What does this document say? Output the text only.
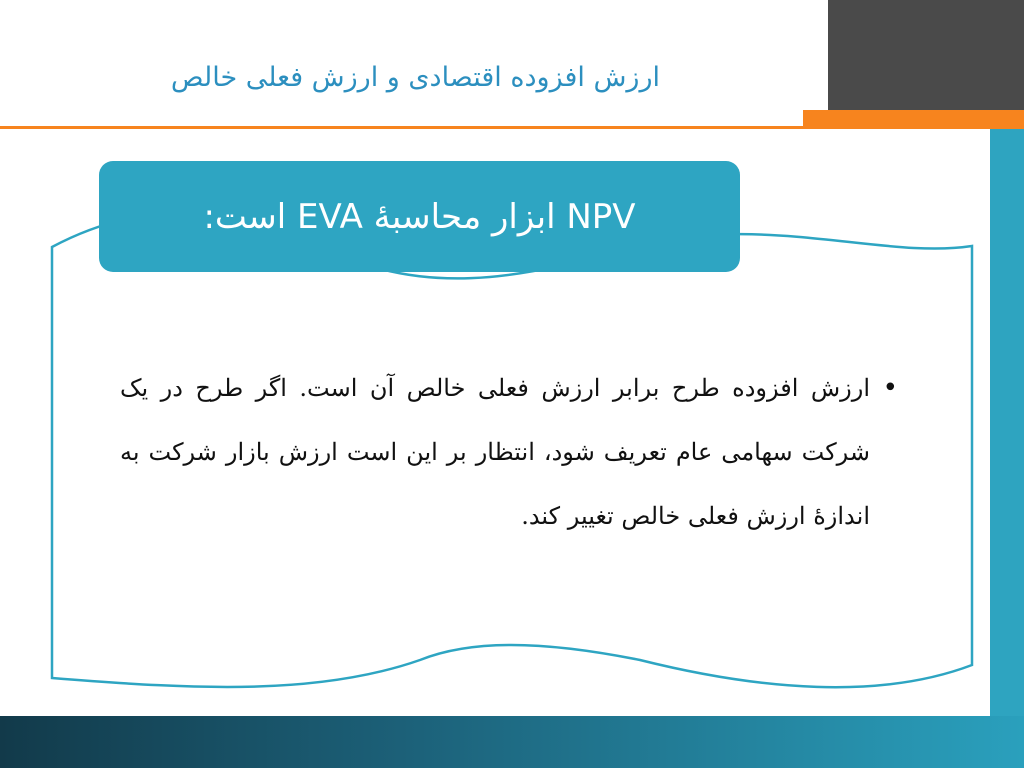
ارزش افزوده اقتصادی و ارزش فعلی خالص
NPV ابزار محاسبۀ EVA است:
•
ارزش افزوده طرح برابر ارزش فعلی خالص آن است. اگر طرح در یک شرکت سهامی عام تعریف شود، انتظار بر این است ارزش بازار شرکت به اندازۀ ارزش فعلی خالص تغییر کند.
